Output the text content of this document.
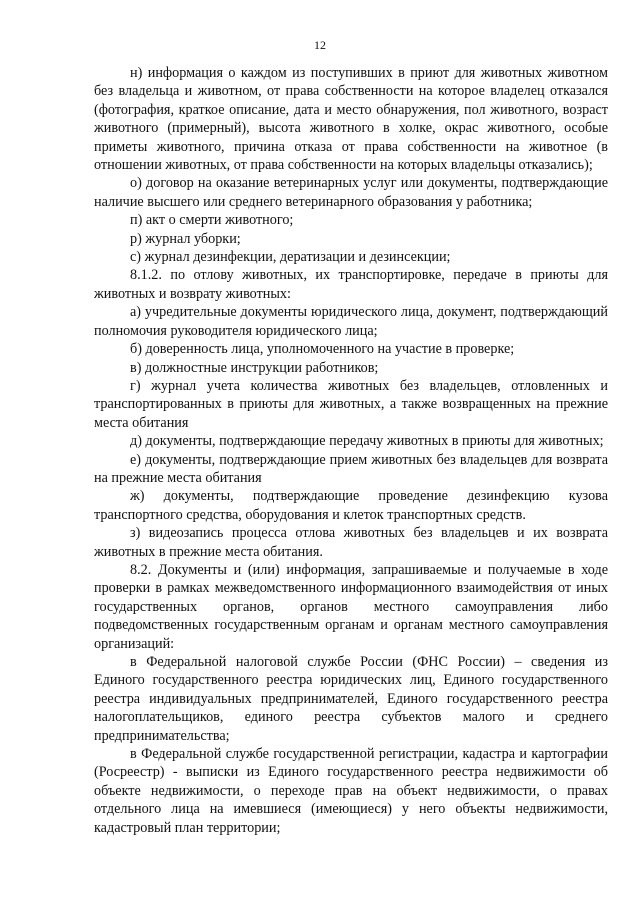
12

н) информация о каждом из поступивших в приют для животных животном без владельца и животном, от права собственности на которое владелец отказался (фотография, краткое описание, дата и место обнаружения, пол животного, возраст животного (примерный), высота животного в холке, окрас животного, особые приметы животного, причина отказа от права собственности на животное (в отношении животных, от права собственности на которых владельцы отказались);

о) договор на оказание ветеринарных услуг или документы, подтверждающие наличие высшего или среднего ветеринарного образования у работника;

п) акт о смерти животного;

р) журнал уборки;

с) журнал дезинфекции, дератизации и дезинсекции;

8.1.2. по отлову животных, их транспортировке, передаче в приюты для животных и возврату животных:

а) учредительные документы юридического лица, документ, подтверждающий полномочия руководителя юридического лица;

б) доверенность лица, уполномоченного на участие в проверке;

в) должностные инструкции работников;

г) журнал учета количества животных без владельцев, отловленных и транспортированных в приюты для животных, а также возвращенных на прежние места обитания

д) документы, подтверждающие передачу животных в приюты для животных;

е) документы, подтверждающие прием животных без владельцев для возврата на прежние места обитания

ж) документы, подтверждающие проведение дезинфекцию кузова транспортного средства, оборудования и клеток транспортных средств.

з) видеозапись процесса отлова животных без владельцев и их возврата животных в прежние места обитания.

8.2. Документы и (или) информация, запрашиваемые и получаемые в ходе проверки в рамках межведомственного информационного взаимодействия от иных государственных органов, органов местного самоуправления либо подведомственных государственным органам и органам местного самоуправления организаций:

в Федеральной налоговой службе России (ФНС России) – сведения из Единого государственного реестра юридических лиц, Единого государственного реестра индивидуальных предпринимателей, Единого государственного реестра налогоплательщиков, единого реестра субъектов малого и среднего предпринимательства;

в Федеральной службе государственной регистрации, кадастра и картографии (Росреестр) - выписки из Единого государственного реестра недвижимости об объекте недвижимости, о переходе прав на объект недвижимости, о правах отдельного лица на имевшиеся (имеющиеся) у него объекты недвижимости, кадастровый план территории;
